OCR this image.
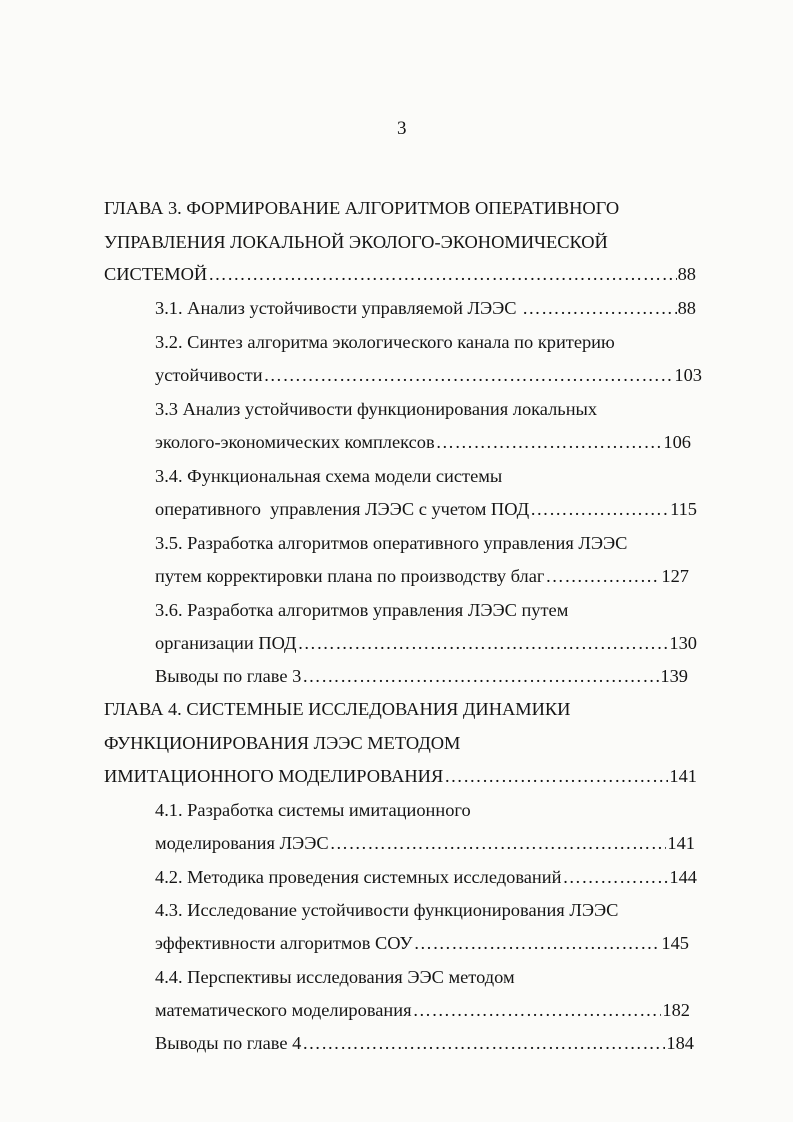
3
ГЛАВА 3. ФОРМИРОВАНИЕ АЛГОРИТМОВ ОПЕРАТИВНОГО
УПРАВЛЕНИЯ ЛОКАЛЬНОЙ ЭКОЛОГО-ЭКОНОМИЧЕСКОЙ
СИСТЕМОЙ ………………………………………………………………………………………………………………………………………………………………	88
3.1. Анализ устойчивости управляемой ЛЭЭС ………………………………………………………………………………………………………………………………………………………………	88
3.2. Синтез алгоритма экологического канала по критерию
устойчивости ………………………………………………………………………………………………………………………………………………………………	103
3.3 Анализ устойчивости функционирования локальных
эколого-экономических комплексов ………………………………………………………………………………………………………………………………………………………………	106
3.4. Функциональная схема модели системы
оперативного  управления ЛЭЭС с учетом ПОД ………………………………………………………………………………………………………………………………………………………………	115
3.5. Разработка алгоритмов оперативного управления ЛЭЭС
путем корректировки плана по производству благ ………………………………………………………………………………………………………………………………………………………………	127
3.6. Разработка алгоритмов управления ЛЭЭС путем
организации ПОД ………………………………………………………………………………………………………………………………………………………………	130
Выводы по главе 3 ………………………………………………………………………………………………………………………………………………………………	139
ГЛАВА 4. СИСТЕМНЫЕ ИССЛЕДОВАНИЯ ДИНАМИКИ
ФУНКЦИОНИРОВАНИЯ ЛЭЭС МЕТОДОМ
ИМИТАЦИОННОГО МОДЕЛИРОВАНИЯ ………………………………………………………………………………………………………………………………………………………………	141
4.1. Разработка системы имитационного
моделирования ЛЭЭС ………………………………………………………………………………………………………………………………………………………………	141
4.2. Методика проведения системных исследований ………………………………………………………………………………………………………………………………………………………………	144
4.3. Исследование устойчивости функционирования ЛЭЭС
эффективности алгоритмов СОУ ………………………………………………………………………………………………………………………………………………………………	145
4.4. Перспективы исследования ЭЭС методом
математического моделирования ………………………………………………………………………………………………………………………………………………………………	182
Выводы по главе 4 ………………………………………………………………………………………………………………………………………………………………	184
